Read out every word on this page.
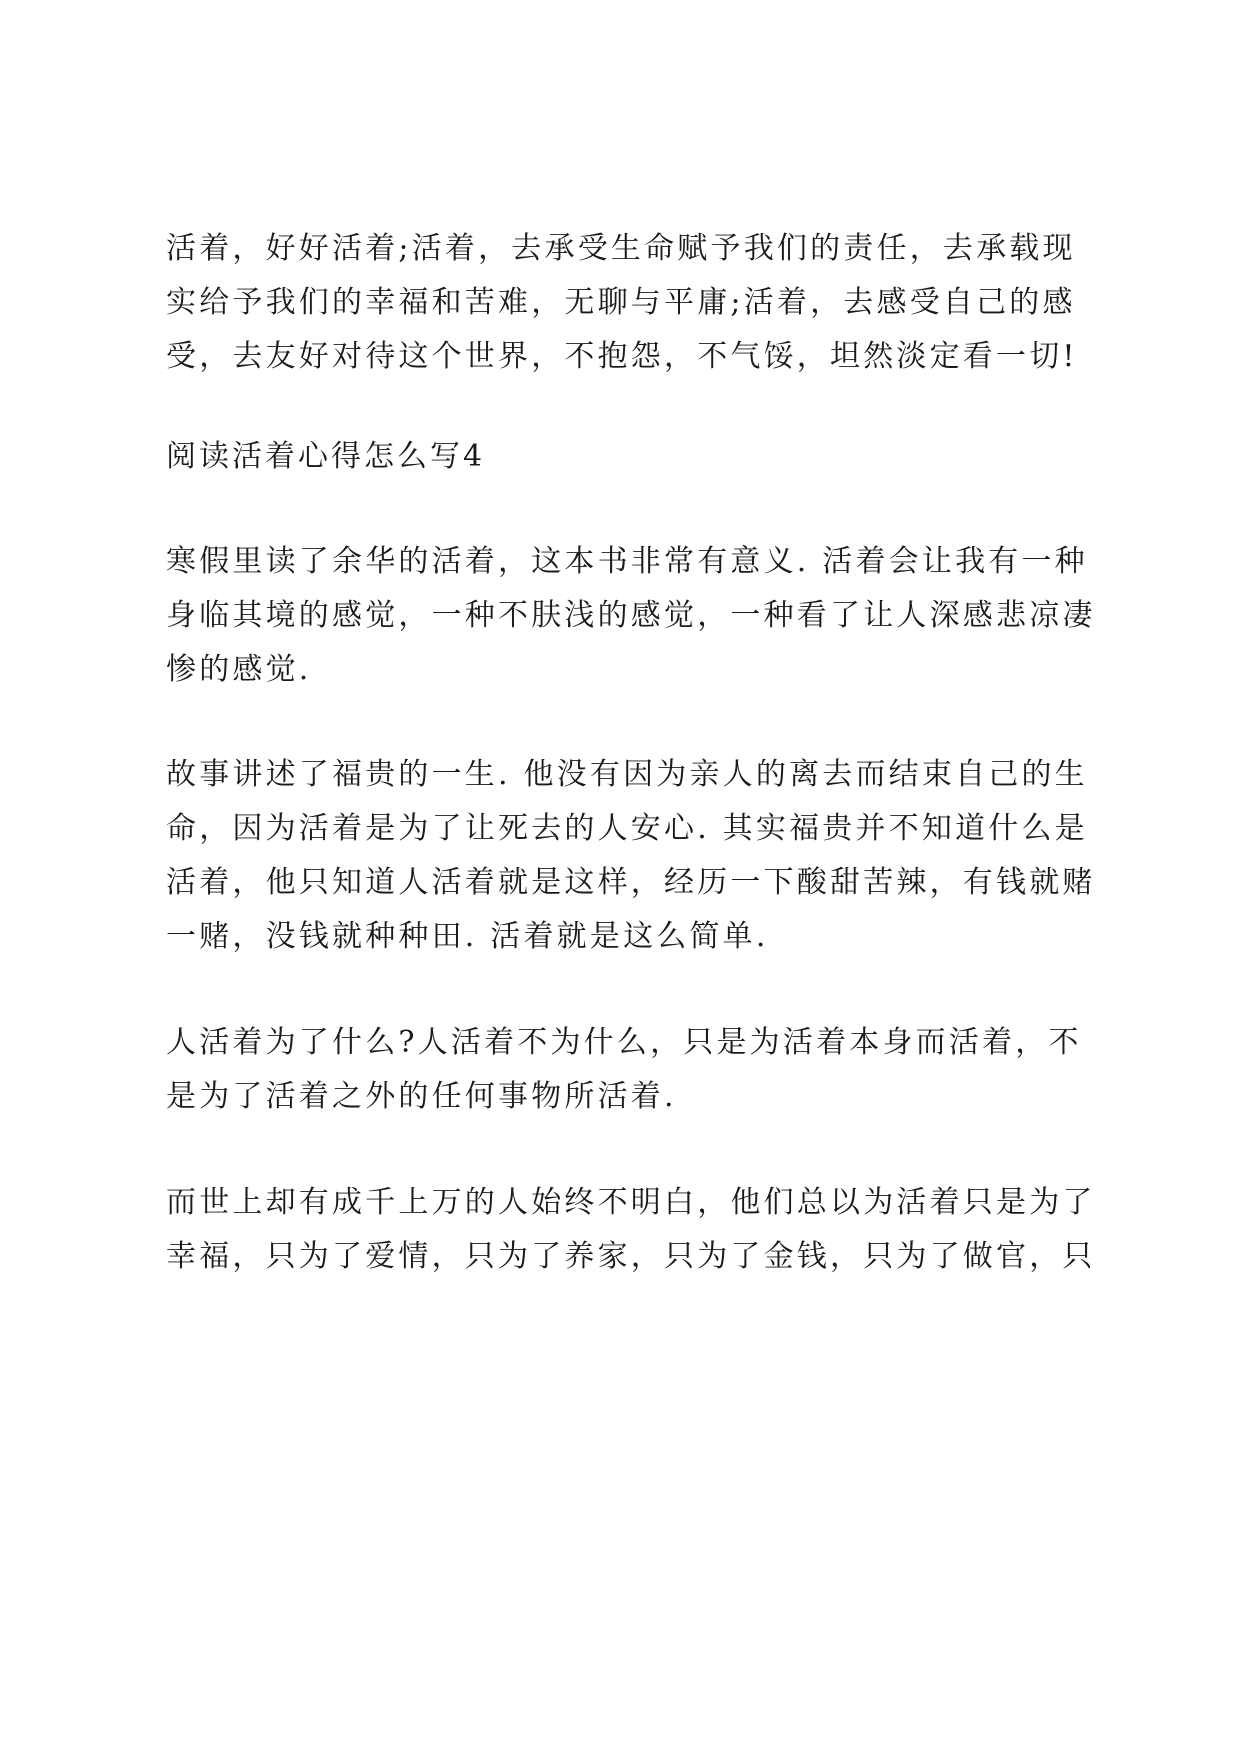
活着，好好活着;活着，去承受生命赋予我们的责任，去承载现
实给予我们的幸福和苦难，无聊与平庸;活着，去感受自己的感
受，去友好对待这个世界，不抱怨，不气馁，坦然淡定看一切!

阅读活着心得怎么写4

寒假里读了余华的活着，这本书非常有意义. 活着会让我有一种
身临其境的感觉，一种不肤浅的感觉，一种看了让人深感悲凉凄
惨的感觉.

故事讲述了福贵的一生. 他没有因为亲人的离去而结束自己的生
命，因为活着是为了让死去的人安心. 其实福贵并不知道什么是
活着，他只知道人活着就是这样，经历一下酸甜苦辣，有钱就赌
一赌，没钱就种种田. 活着就是这么简单.

人活着为了什么?人活着不为什么，只是为活着本身而活着，不
是为了活着之外的任何事物所活着.

而世上却有成千上万的人始终不明白，他们总以为活着只是为了
幸福，只为了爱情，只为了养家，只为了金钱，只为了做官，只
